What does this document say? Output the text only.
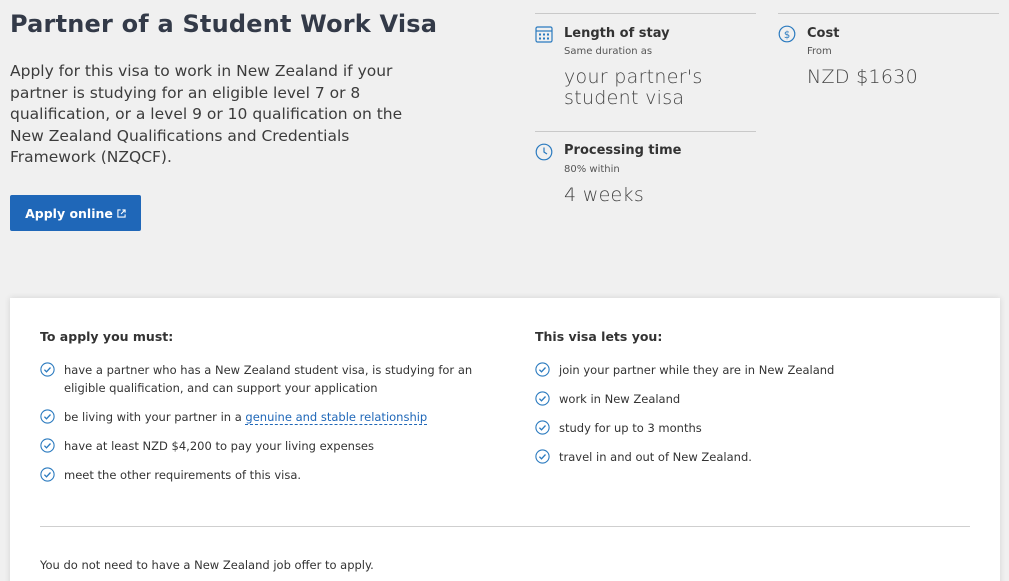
Partner of a Student Work Visa

Apply for this visa to work in New Zealand if your partner is studying for an eligible level 7 or 8 qualification, or a level 9 or 10 qualification on the New Zealand Qualifications and Credentials Framework (NZQCF).

Apply online
Length of stay
Same duration as
your partner's
student visa
Processing time
80% within
4 weeks
$ Cost
From
NZD $1630
To apply you must:
have a partner who has a New Zealand student visa, is studying for an
eligible qualification, and can support your application
be living with your partner in a genuine and stable relationship
have at least NZD $4,200 to pay your living expenses
meet the other requirements of this visa.
This visa lets you:
join your partner while they are in New Zealand
work in New Zealand
study for up to 3 months
travel in and out of New Zealand.
You do not need to have a New Zealand job offer to apply.
